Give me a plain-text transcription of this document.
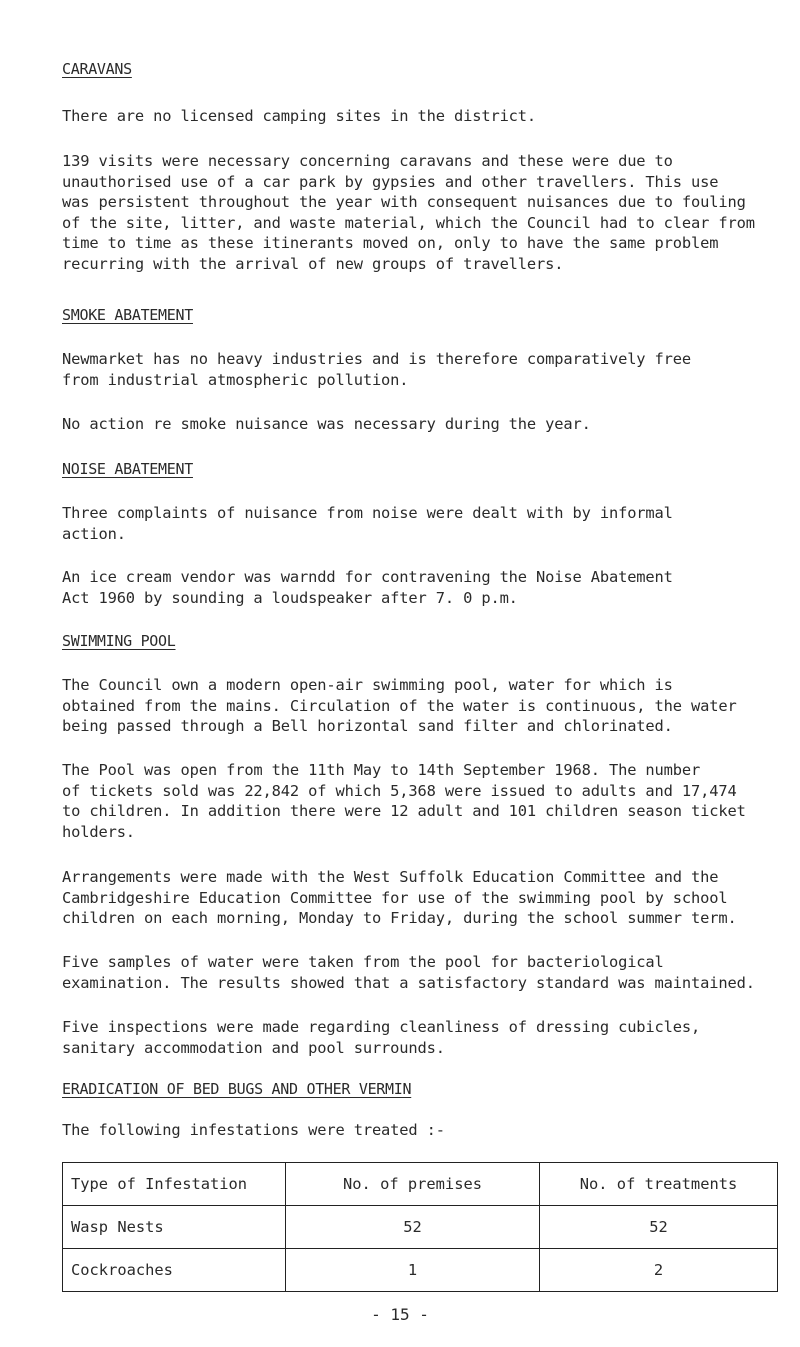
CARAVANS

There are no licensed camping sites in the district.

139 visits were necessary concerning caravans and these were due to
unauthorised use of a car park by gypsies and other travellers. This use
was persistent throughout the year with consequent nuisances due to fouling
of the site, litter, and waste material, which the Council had to clear from
time to time as these itinerants moved on, only to have the same problem
recurring with the arrival of new groups of travellers.

SMOKE ABATEMENT

Newmarket has no heavy industries and is therefore comparatively free
from industrial atmospheric pollution.

No action re smoke nuisance was necessary during the year.

NOISE ABATEMENT

Three complaints of nuisance from noise were dealt with by informal
action.

An ice cream vendor was warndd for contravening the Noise Abatement
Act 1960 by sounding a loudspeaker after 7. 0 p.m.

SWIMMING POOL

The Council own a modern open-air swimming pool, water for which is
obtained from the mains. Circulation of the water is continuous, the water
being passed through a Bell horizontal sand filter and chlorinated.

The Pool was open from the 11th May to 14th September 1968. The number
of tickets sold was 22,842 of which 5,368 were issued to adults and 17,474
to children. In addition there were 12 adult and 101 children season ticket
holders.

Arrangements were made with the West Suffolk Education Committee and the
Cambridgeshire Education Committee for use of the swimming pool by school
children on each morning, Monday to Friday, during the school summer term.

Five samples of water were taken from the pool for bacteriological
examination. The results showed that a satisfactory standard was maintained.

Five inspections were made regarding cleanliness of dressing cubicles,
sanitary accommodation and pool surrounds.

ERADICATION OF BED BUGS AND OTHER VERMIN

The following infestations were treated :-

Type of Infestation	No. of premises	No. of treatments
Wasp Nests	52	52
Cockroaches	1	2
- 15 -
